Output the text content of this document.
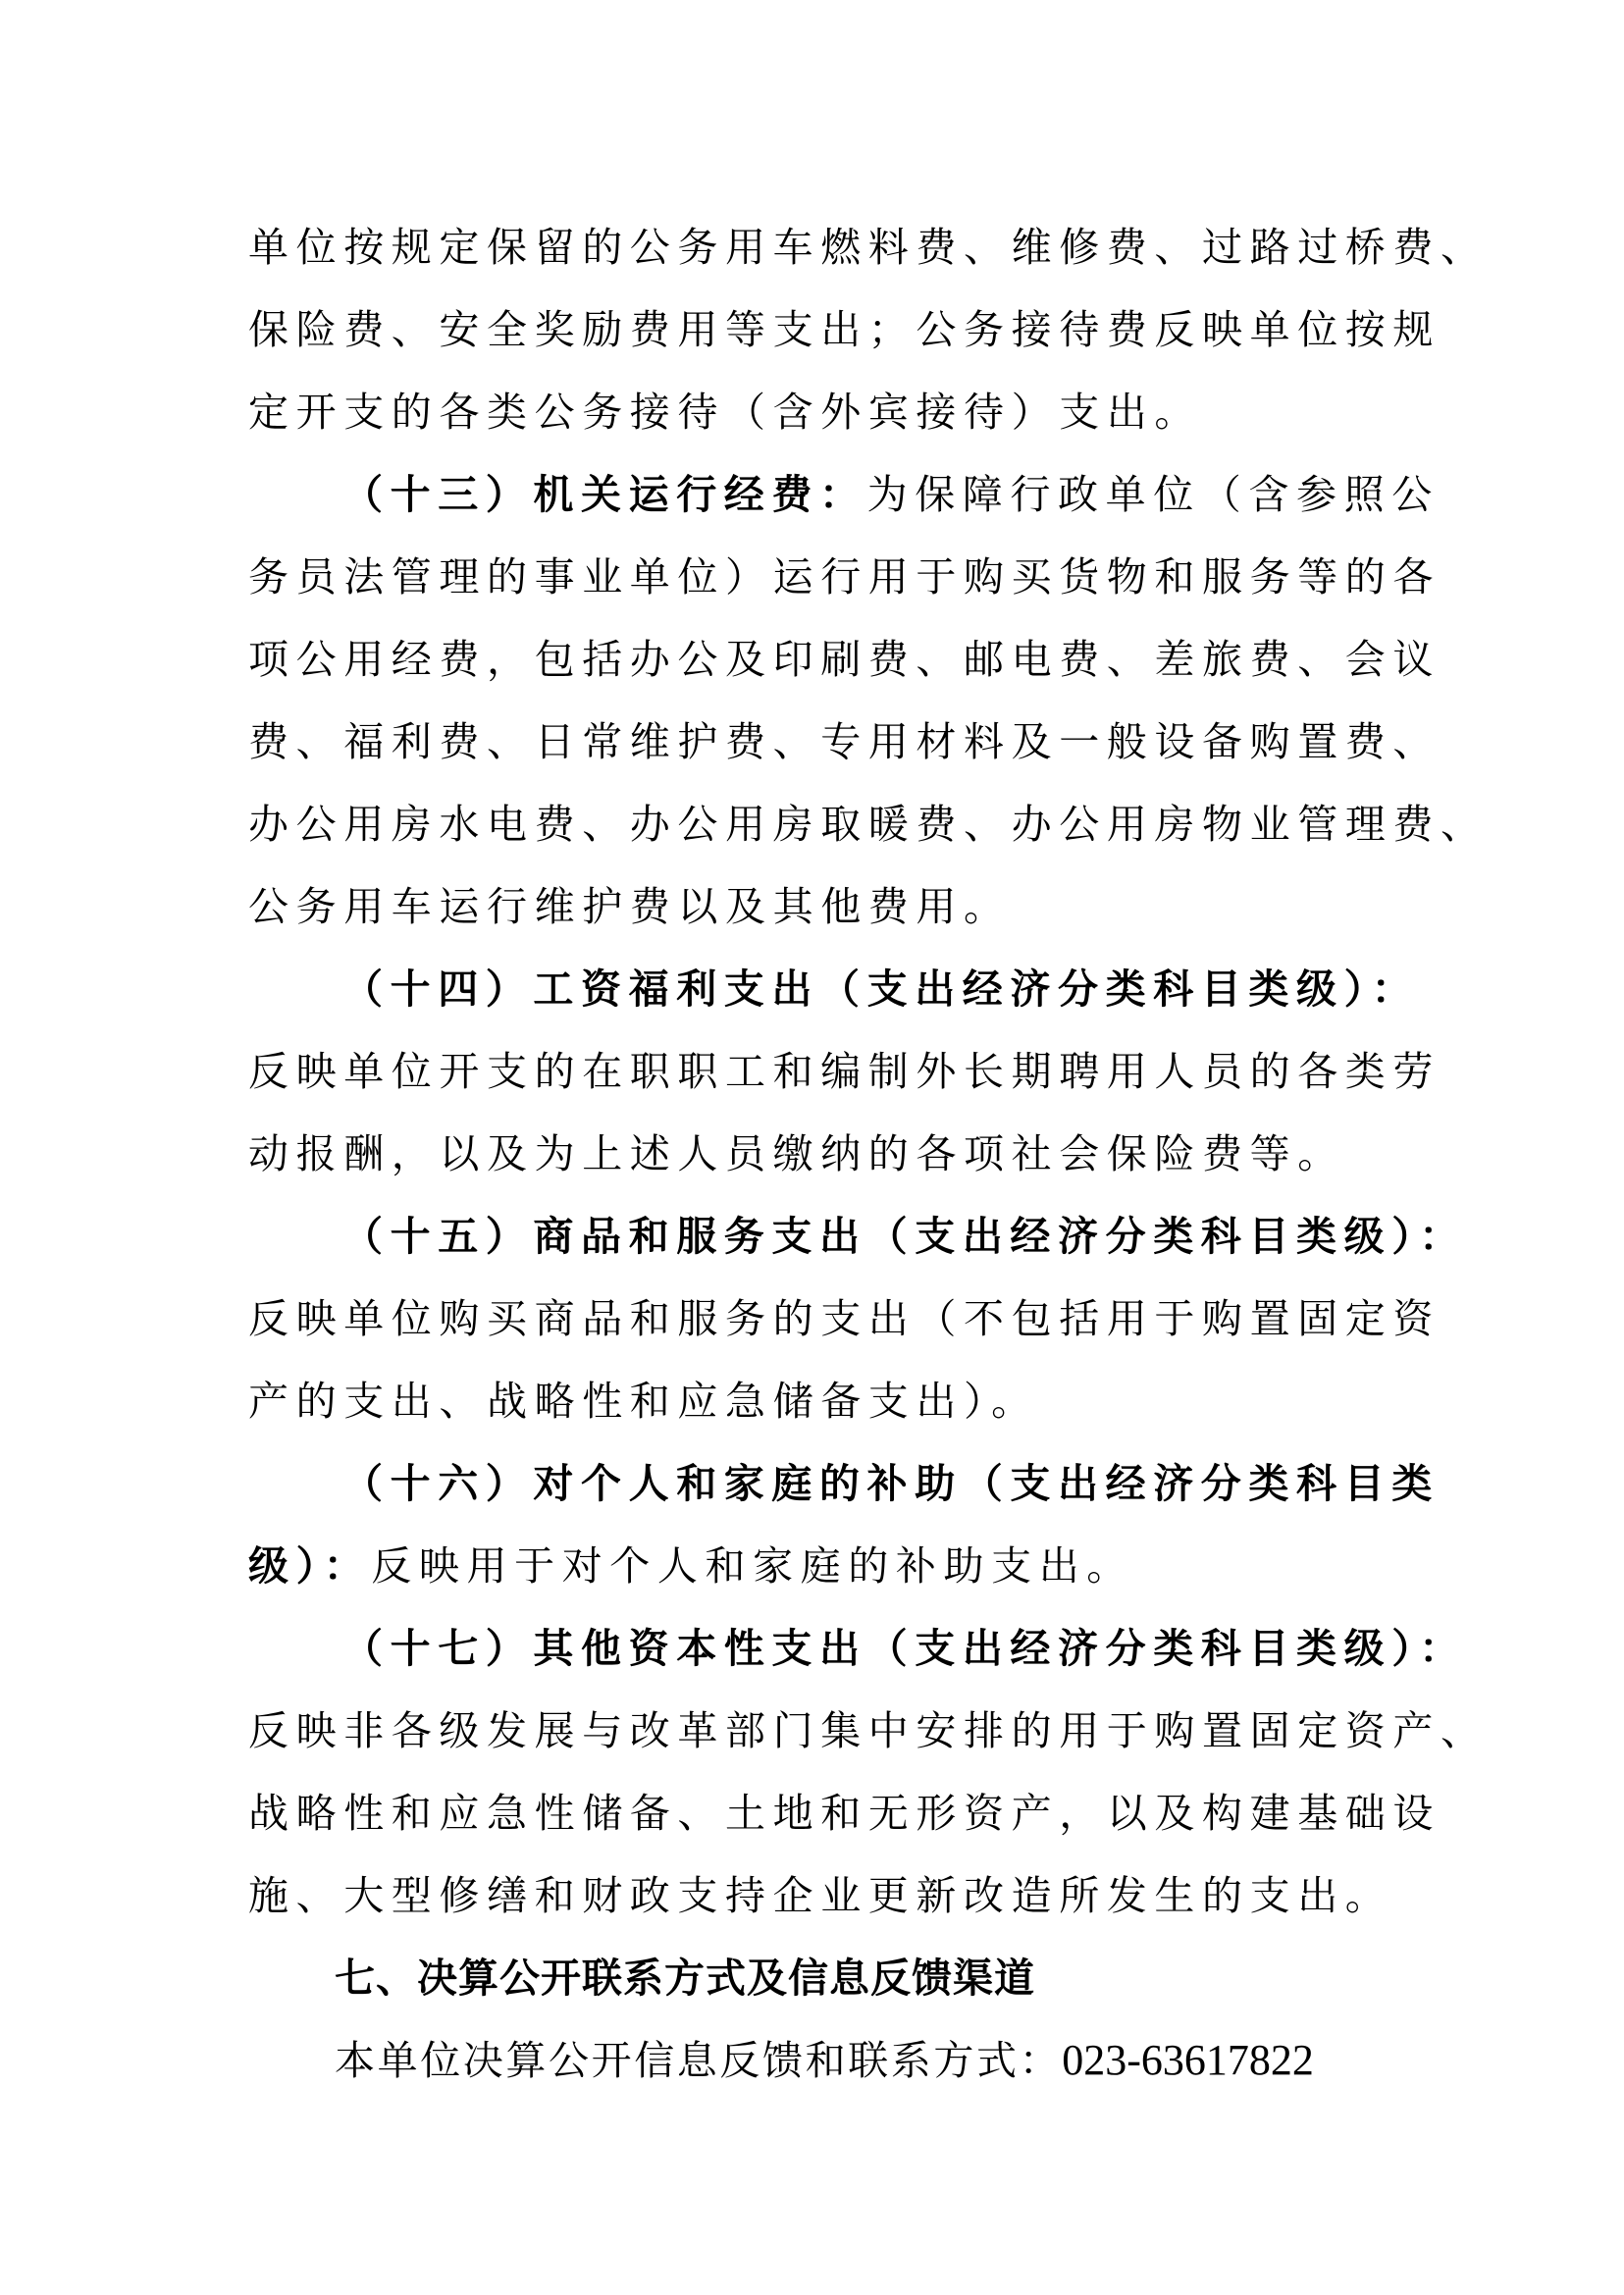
单位按规定保留的公务用车燃料费、维修费、过路过桥费、
保险费、安全奖励费用等支出；公务接待费反映单位按规
定开支的各类公务接待（含外宾接待）支出。
（十三）机关运行经费：为保障行政单位（含参照公
务员法管理的事业单位）运行用于购买货物和服务等的各
项公用经费，包括办公及印刷费、邮电费、差旅费、会议
费、福利费、日常维护费、专用材料及一般设备购置费、
办公用房水电费、办公用房取暖费、办公用房物业管理费、
公务用车运行维护费以及其他费用。
（十四）工资福利支出（支出经济分类科目类级）：
反映单位开支的在职职工和编制外长期聘用人员的各类劳
动报酬，以及为上述人员缴纳的各项社会保险费等。
（十五）商品和服务支出（支出经济分类科目类级）：
反映单位购买商品和服务的支出（不包括用于购置固定资
产的支出、战略性和应急储备支出）。
（十六）对个人和家庭的补助（支出经济分类科目类
级）：反映用于对个人和家庭的补助支出。
（十七）其他资本性支出（支出经济分类科目类级）：
反映非各级发展与改革部门集中安排的用于购置固定资产、
战略性和应急性储备、土地和无形资产，以及构建基础设
施、大型修缮和财政支持企业更新改造所发生的支出。
七、决算公开联系方式及信息反馈渠道
本单位决算公开信息反馈和联系方式：023-63617822
